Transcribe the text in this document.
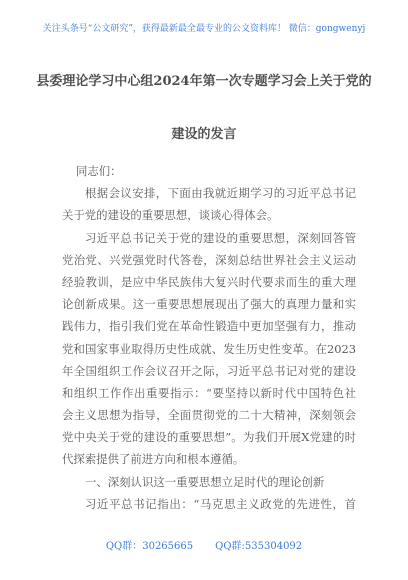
关注头条号“公文研究”，获得最新最全最专业的公文资料库！ 微信：gongwenyj
县委理论学习中心组2024年第一次专题学习会上关于党的
建设的发言
同志们：
根据会议安排，下面由我就近期学习的习近平总书记
关于党的建设的重要思想，谈谈心得体会。
习近平总书记关于党的建设的重要思想，深刻回答管
党治党、兴党强党时代答卷，深刻总结世界社会主义运动
经验教训，是应中华民族伟大复兴时代要求而生的重大理
论创新成果。这一重要思想展现出了强大的真理力量和实
践伟力，指引我们党在革命性锻造中更加坚强有力，推动
党和国家事业取得历史性成就、发生历史性变革。在2023
年全国组织工作会议召开之际，习近平总书记对党的建设
和组织工作作出重要指示：“要坚持以新时代中国特色社
会主义思想为指导，全面贯彻党的二十大精神，深刻领会
党中央关于党的建设的重要思想”。为我们开展X党建的时
代探索提供了前进方向和根本遵循。
一、深刻认识这一重要思想立足时代的理论创新
习近平总书记指出：“马克思主义政党的先进性，首
QQ群：30265665 QQ群:535304092
